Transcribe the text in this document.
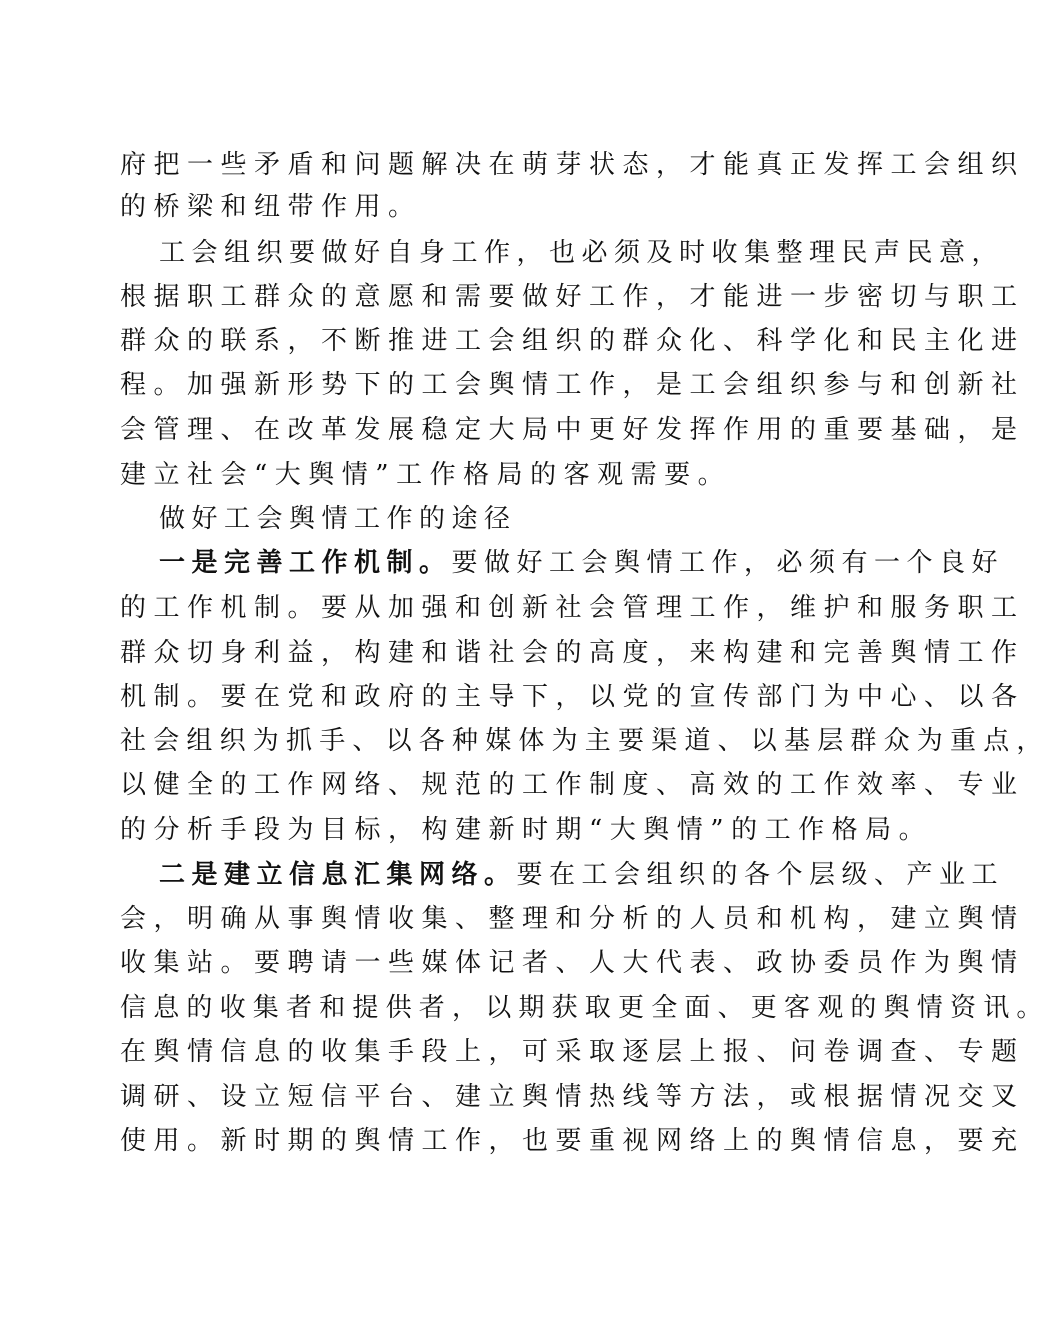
府把一些矛盾和问题解决在萌芽状态，才能真正发挥工会组织
的桥梁和纽带作用。
工会组织要做好自身工作，也必须及时收集整理民声民意，
根据职工群众的意愿和需要做好工作，才能进一步密切与职工
群众的联系，不断推进工会组织的群众化、科学化和民主化进
程。加强新形势下的工会舆情工作，是工会组织参与和创新社
会管理、在改革发展稳定大局中更好发挥作用的重要基础，是
建立社会“大舆情”工作格局的客观需要。
做好工会舆情工作的途径
一是完善工作机制。要做好工会舆情工作，必须有一个良好
的工作机制。要从加强和创新社会管理工作，维护和服务职工
群众切身利益，构建和谐社会的高度，来构建和完善舆情工作
机制。要在党和政府的主导下，以党的宣传部门为中心、以各
社会组织为抓手、以各种媒体为主要渠道、以基层群众为重点，
以健全的工作网络、规范的工作制度、高效的工作效率、专业
的分析手段为目标，构建新时期“大舆情”的工作格局。
二是建立信息汇集网络。要在工会组织的各个层级、产业工
会，明确从事舆情收集、整理和分析的人员和机构，建立舆情
收集站。要聘请一些媒体记者、人大代表、政协委员作为舆情
信息的收集者和提供者，以期获取更全面、更客观的舆情资讯。
在舆情信息的收集手段上，可采取逐层上报、问卷调查、专题
调研、设立短信平台、建立舆情热线等方法，或根据情况交叉
使用。新时期的舆情工作，也要重视网络上的舆情信息，要充
